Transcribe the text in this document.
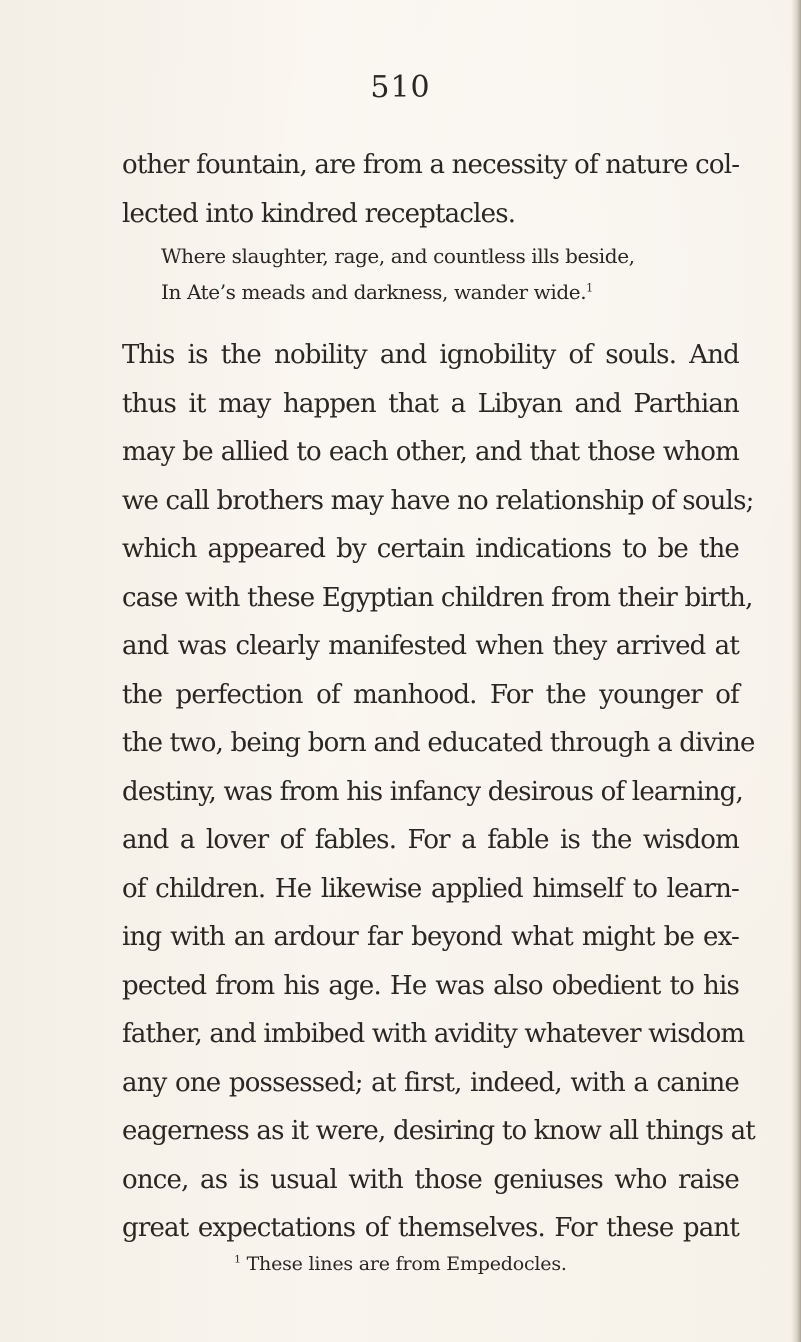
510
other fountain, are from a necessity of nature col-
lected into kindred receptacles.
Where slaughter, rage, and countless ills beside,
In Ate’s meads and darkness, wander wide.$^1$
This is the nobility and ignobility of souls. And
thus it may happen that a Libyan and Parthian
may be allied to each other, and that those whom
we call brothers may have no relationship of souls;
which appeared by certain indications to be the
case with these Egyptian children from their birth,
and was clearly manifested when they arrived at
the perfection of manhood. For the younger of
the two, being born and educated through a divine
destiny, was from his infancy desirous of learning,
and a lover of fables. For a fable is the wisdom
of children. He likewise applied himself to learn-
ing with an ardour far beyond what might be ex-
pected from his age. He was also obedient to his
father, and imbibed with avidity whatever wisdom
any one possessed; at first, indeed, with a canine
eagerness as it were, desiring to know all things at
once, as is usual with those geniuses who raise
great expectations of themselves. For these pant
$^1$ These lines are from Empedocles.
